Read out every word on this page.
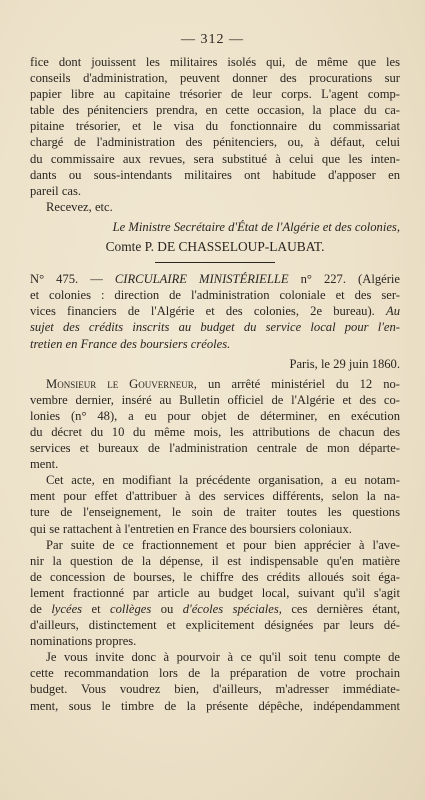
— 312 —
fice dont jouissent les militaires isolés qui, de même que les
conseils d'administration, peuvent donner des procurations sur
papier libre au capitaine trésorier de leur corps. L'agent comp-
table des pénitenciers prendra, en cette occasion, la place du ca-
pitaine trésorier, et le visa du fonctionnaire du commissariat
chargé de l'administration des pénitenciers, ou, à défaut, celui
du commissaire aux revues, sera substitué à celui que les inten-
dants ou sous-intendants militaires ont habitude d'apposer en
pareil cas.
Recevez, etc.
Le Ministre Secrétaire d'État de l'Algérie et des colonies,
Comte P. DE CHASSELOUP-LAUBAT.
N° 475. — CIRCULAIRE MINISTÉRIELLE n° 227. (Algérie
et colonies : direction de l'administration coloniale et des ser-
vices financiers de l'Algérie et des colonies, 2e bureau). Au
sujet des crédits inscrits au budget du service local pour l'en-
tretien en France des boursiers créoles.
Paris, le 29 juin 1860.
Monsieur le Gouverneur, un arrêté ministériel du 12 no-
vembre dernier, inséré au Bulletin officiel de l'Algérie et des co-
lonies (n° 48), a eu pour objet de déterminer, en exécution
du décret du 10 du même mois, les attributions de chacun des
services et bureaux de l'administration centrale de mon départe-
ment.
Cet acte, en modifiant la précédente organisation, a eu notam-
ment pour effet d'attribuer à des services différents, selon la na-
ture de l'enseignement, le soin de traiter toutes les questions
qui se rattachent à l'entretien en France des boursiers coloniaux.
Par suite de ce fractionnement et pour bien apprécier à l'ave-
nir la question de la dépense, il est indispensable qu'en matière
de concession de bourses, le chiffre des crédits alloués soit éga-
lement fractionné par article au budget local, suivant qu'il s'agit
de lycées et collèges ou d'écoles spéciales, ces dernières étant,
d'ailleurs, distinctement et explicitement désignées par leurs dé-
nominations propres.
Je vous invite donc à pourvoir à ce qu'il soit tenu compte de
cette recommandation lors de la préparation de votre prochain
budget. Vous voudrez bien, d'ailleurs, m'adresser immédiate-
ment, sous le timbre de la présente dépêche, indépendamment
